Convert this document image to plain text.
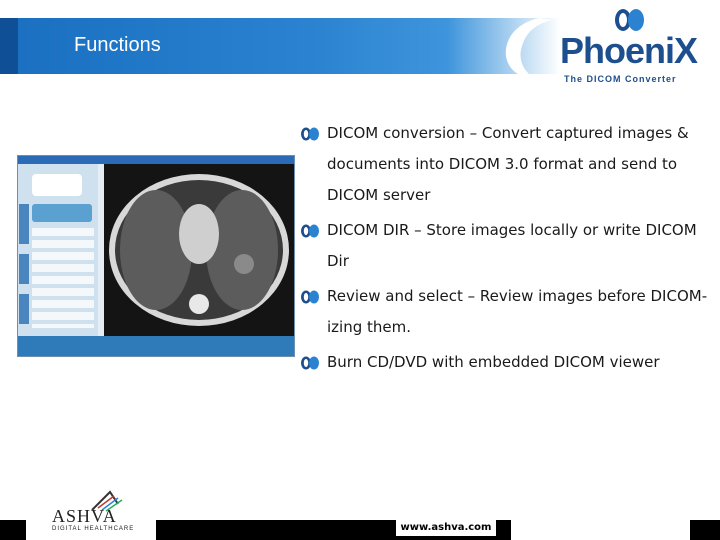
Functions	PhoeniX
The DICOM Converter
DICOM conversion – Convert captured images & documents into DICOM 3.0 format and send to DICOM server
DICOM DIR – Store images locally or write DICOM Dir
Review and select – Review images before DICOM-izing them.
Burn CD/DVD with embedded DICOM viewer
www.ashva.com
ASHVA
DIGITAL HEALTHCARE
